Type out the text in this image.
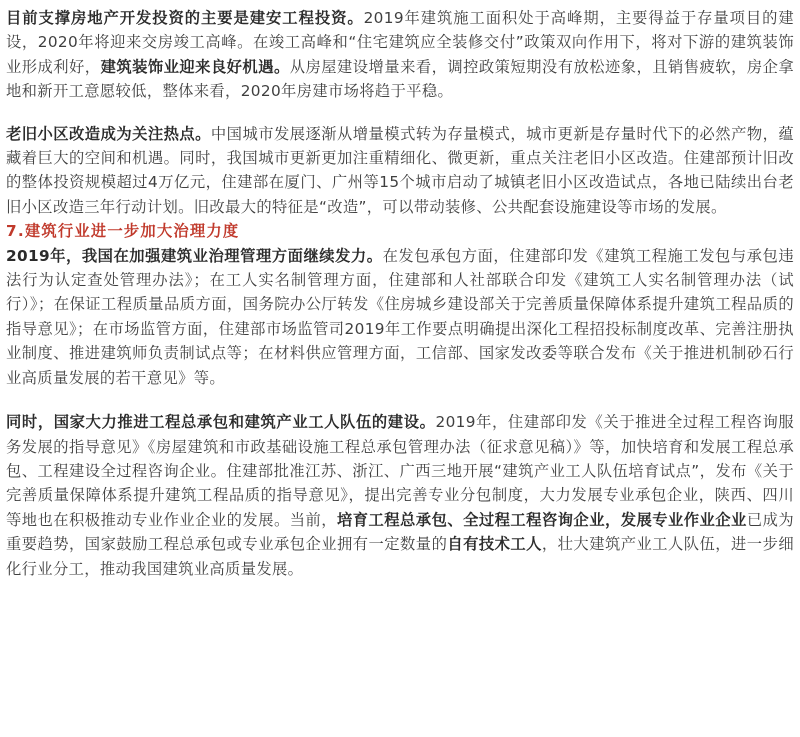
目前支撑房地产开发投资的主要是建安工程投资。2019年建筑施工面积处于高峰期，主要得益于存量项目的建设，2020年将迎来交房竣工高峰。在竣工高峰和“住宅建筑应全装修交付”政策双向作用下，将对下游的建筑装饰业形成利好，建筑装饰业迎来良好机遇。从房屋建设增量来看，调控政策短期没有放松迹象，且销售疲软，房企拿地和新开工意愿较低，整体来看，2020年房建市场将趋于平稳。

老旧小区改造成为关注热点。中国城市发展逐渐从增量模式转为存量模式，城市更新是存量时代下的必然产物，蕴藏着巨大的空间和机遇。同时，我国城市更新更加注重精细化、微更新，重点关注老旧小区改造。住建部预计旧改的整体投资规模超过4万亿元，住建部在厦门、广州等15个城市启动了城镇老旧小区改造试点，各地已陆续出台老旧小区改造三年行动计划。旧改最大的特征是“改造”，可以带动装修、公共配套设施建设等市场的发展。

7.建筑行业进一步加大治理力度

2019年，我国在加强建筑业治理管理方面继续发力。在发包承包方面，住建部印发《建筑工程施工发包与承包违法行为认定查处管理办法》；在工人实名制管理方面，住建部和人社部联合印发《建筑工人实名制管理办法（试行）》；在保证工程质量品质方面，国务院办公厅转发《住房城乡建设部关于完善质量保障体系提升建筑工程品质的指导意见》；在市场监管方面，住建部市场监管司2019年工作要点明确提出深化工程招投标制度改革、完善注册执业制度、推进建筑师负责制试点等；在材料供应管理方面，工信部、国家发改委等联合发布《关于推进机制砂石行业高质量发展的若干意见》等。

同时，国家大力推进工程总承包和建筑产业工人队伍的建设。2019年，住建部印发《关于推进全过程工程咨询服务发展的指导意见》《房屋建筑和市政基础设施工程总承包管理办法（征求意见稿）》等，加快培育和发展工程总承包、工程建设全过程咨询企业。住建部批准江苏、浙江、广西三地开展“建筑产业工人队伍培育试点”，发布《关于完善质量保障体系提升建筑工程品质的指导意见》，提出完善专业分包制度，大力发展专业承包企业，陕西、四川等地也在积极推动专业作业企业的发展。当前，培育工程总承包、全过程工程咨询企业，发展专业作业企业已成为重要趋势，国家鼓励工程总承包或专业承包企业拥有一定数量的自有技术工人，壮大建筑产业工人队伍，进一步细化行业分工，推动我国建筑业高质量发展。
